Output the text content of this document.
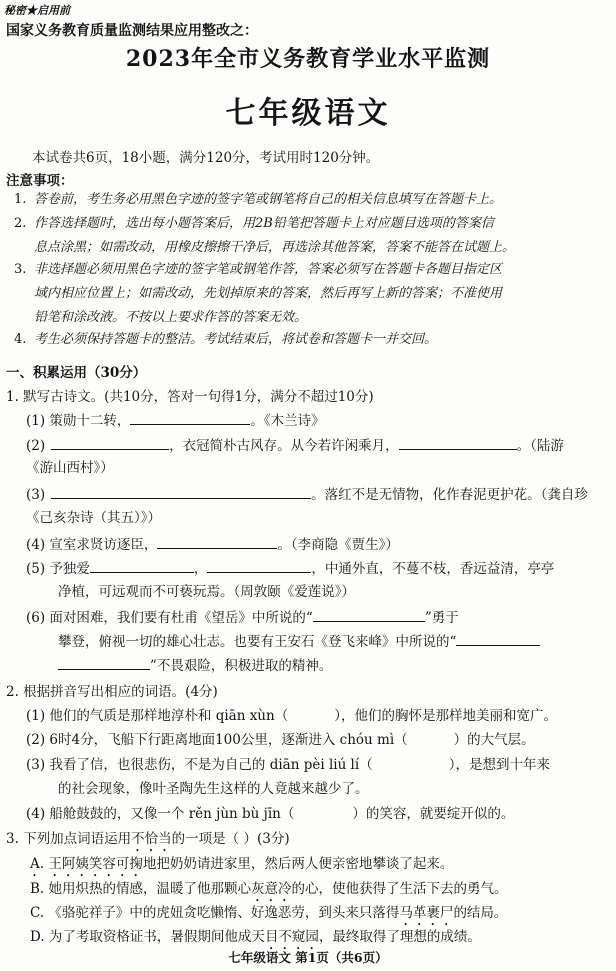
秘密★启用前
国家义务教育质量监测结果应用整改之：
2023年全市义务教育学业水平监测
七年级语文
本试卷共6页，18小题，满分120分，考试用时120分钟。
注意事项：
1. 答卷前，考生务必用黑色字迹的签字笔或钢笔将自己的相关信息填写在答题卡上。
2. 作答选择题时，选出每小题答案后，用2B铅笔把答题卡上对应题目选项的答案信
息点涂黑；如需改动，用橡皮擦擦干净后，再选涂其他答案，答案不能答在试题上。
3. 非选择题必须用黑色字迹的签字笔或钢笔作答，答案必须写在答题卡各题目指定区
域内相应位置上；如需改动，先划掉原来的答案，然后再写上新的答案；不准使用
铅笔和涂改液。不按以上要求作答的答案无效。
4. 考生必须保持答题卡的整洁。考试结束后，将试卷和答题卡一并交回。
一、积累运用（30分）
1. 默写古诗文。(共10分，答对一句得1分，满分不超过10分)
(1) 策勋十二转，	。《木兰诗》
(2)	，衣冠简朴古风存。从今若许闲乘月，	。（陆游
《游山西村》）
(3)	。落红不是无情物，化作春泥更护花。（龚自珍
《己亥杂诗（其五）》）
(4) 宣室求贤访逐臣，	。（李商隐《贾生》）
(5) 予独爱	，	，中通外直，不蔓不枝，香远益清，亭亭
净植，可远观而不可亵玩焉。（周敦颐《爱莲说》）
(6) 面对困难，我们要有杜甫《望岳》中所说的“	”勇于
攀登，俯视一切的雄心壮志。也要有王安石《登飞来峰》中所说的“
”不畏艰险，积极进取的精神。
2. 根据拼音写出相应的词语。(4分)
(1) 他们的气质是那样地淳朴和 qiān xùn（	），他们的胸怀是那样地美丽和宽广。
(2) 6时4分，飞船下行距离地面100公里，逐渐进入 chóu mì（	）的大气层。
(3) 我看了信，也很悲伤，不是为自己的 diān pèi liú lí（	），是想到十年来
的社会现象，像叶圣陶先生这样的人竟越来越少了。
(4) 船舱鼓鼓的，又像一个 rěn jùn bù jīn（	）的笑容，就要绽开似的。
3. 下列加点词语运用不恰当的一项是（ ）(3分)
A. 王阿姨笑容可掬地把奶奶请进家里，然后两人便亲密地攀谈了起来。
B. 她用炽热的情感，温暖了他那颗心灰意冷的心，使他获得了生活下去的勇气。
C. 《骆驼祥子》中的虎妞贪吃懒惰、好逸恶劳，到头来只落得马革裹尸的结局。
D. 为了考取资格证书，暑假期间他成天目不窥园，最终取得了理想的成绩。
七年级语文 第1页（共6页）
